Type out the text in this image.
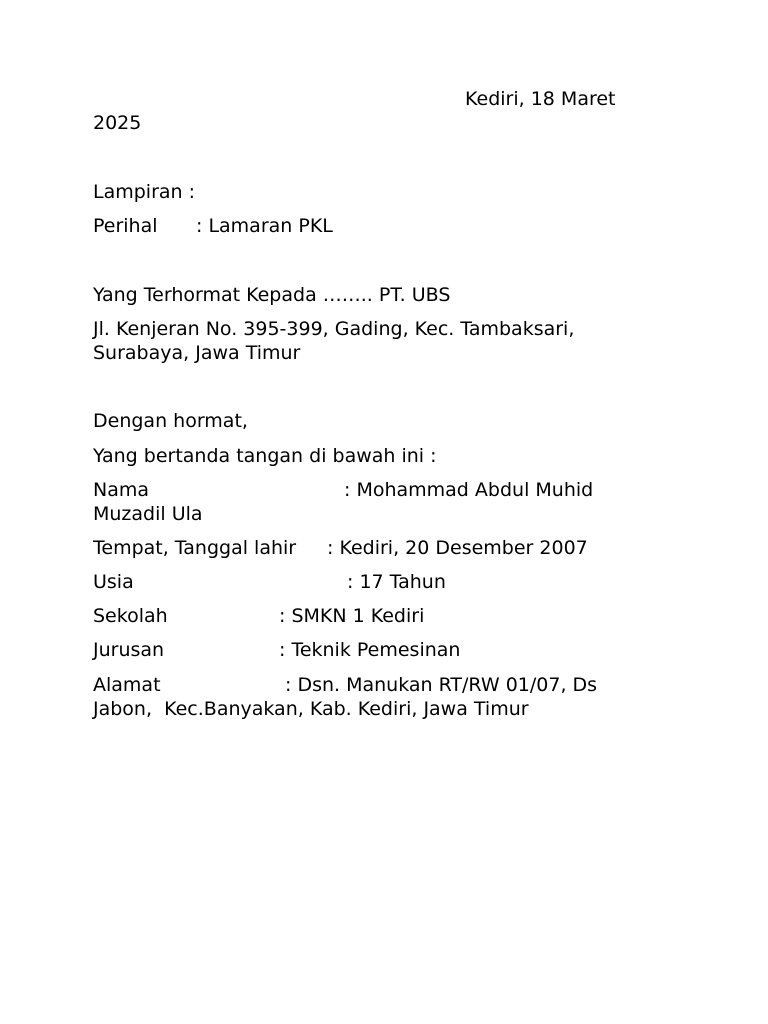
Kediri, 18 Maret
2025
Lampiran :
Perihal : Lamaran PKL
Yang Terhormat Kepada …….. PT. UBS
Jl. Kenjeran No. 395-399, Gading, Kec. Tambaksari,
Surabaya, Jawa Timur
Dengan hormat,
Yang bertanda tangan di bawah ini :
Nama	: Mohammad Abdul Muhid
Muzadil Ula
Tempat, Tanggal lahir : Kediri, 20 Desember 2007
Usia	: 17 Tahun
Sekolah	: SMKN 1 Kediri
Jurusan	: Teknik Pemesinan
Alamat	: Dsn. Manukan RT/RW 01/07, Ds
Jabon,  Kec.Banyakan, Kab. Kediri, Jawa Timur
